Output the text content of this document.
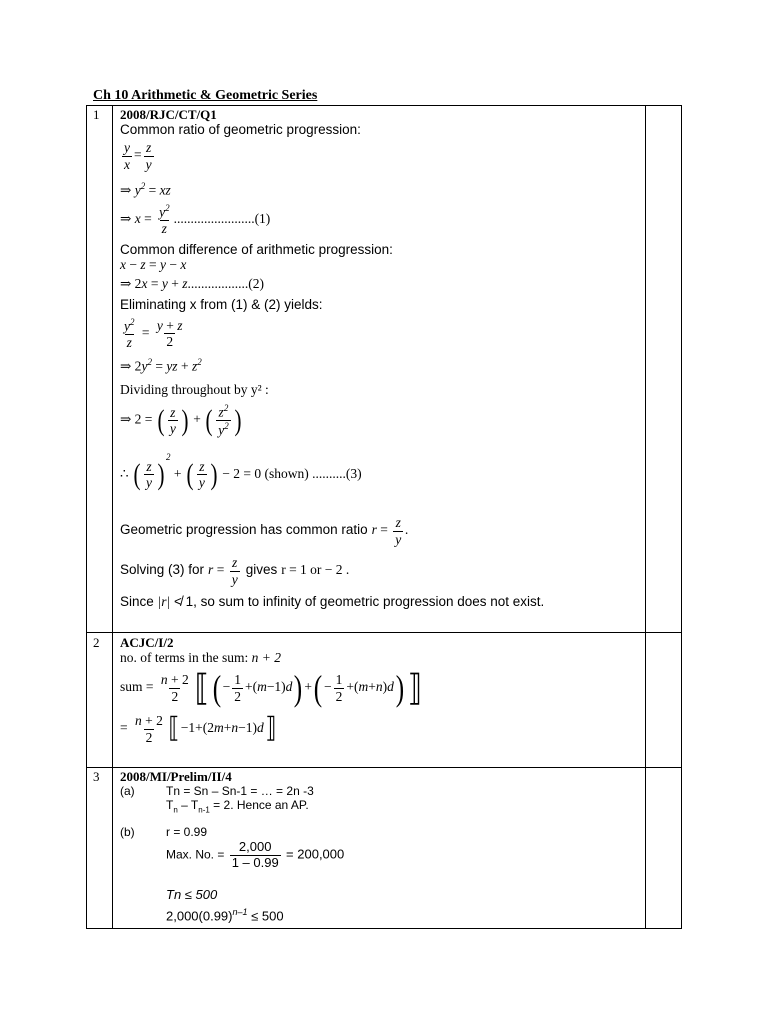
Ch 10 Arithmetic & Geometric Series
1 2008/RJC/CT/Q1
Common ratio of geometric progression:
$\frac{y}{x} = \frac{z}{y}$
⇒ $y^2$ = xz
⇒ $x = \frac{y^2}{z} ........................(1)$
Common difference of arithmetic progression:
x − z = y − x
⇒ 2x = y + z..................(2)
Eliminating x from (1) & (2) yields:
$\frac{y^2}{z} = \frac{y + z}{2}$
⇒ $2y^2$ = yz + $z^2$
Dividing throughout by y² :
⇒ 2 = ( $\frac{z}{y}$ ) + ( $\frac{z^2}{y^2}$ )
∴ ( $\frac{z}{y} )^2$ + ( $\frac{z}{y}$ ) − 2 = 0 (shown) ..........(3)
Geometric progression has common ratio $r = \frac{z}{y}$ .
Solving (3) for $r = \frac{z}{y}$ gives r = 1 or − 2 .
Since |r| ≮ 1, so sum to infinity of geometric progression does not exist.
2 ACJC/I/2
no. of terms in the sum: n + 2
sum = $\frac{n + 2}{2}$ ⟦( − $\frac{1}{2} +(m-1)d$) +( − $\frac{1}{2}$ +(m+n)d)⟧
= $\frac{n + 2}{2}$ ⟦−1+(2m+n−1)d⟧
3 2008/MI/Prelim/II/4
(a)	Tn = Sn – Sn-1 = … = 2n -3
$T_n - T_{n-1} = 2$. Hence an AP.
(b)	r = 0.99
Max. No. = $\frac{2,000}{1 - 0.99} = 200,000$
Tn ≤ 500
$2,000(0.99)^{n-1} \le 500$
